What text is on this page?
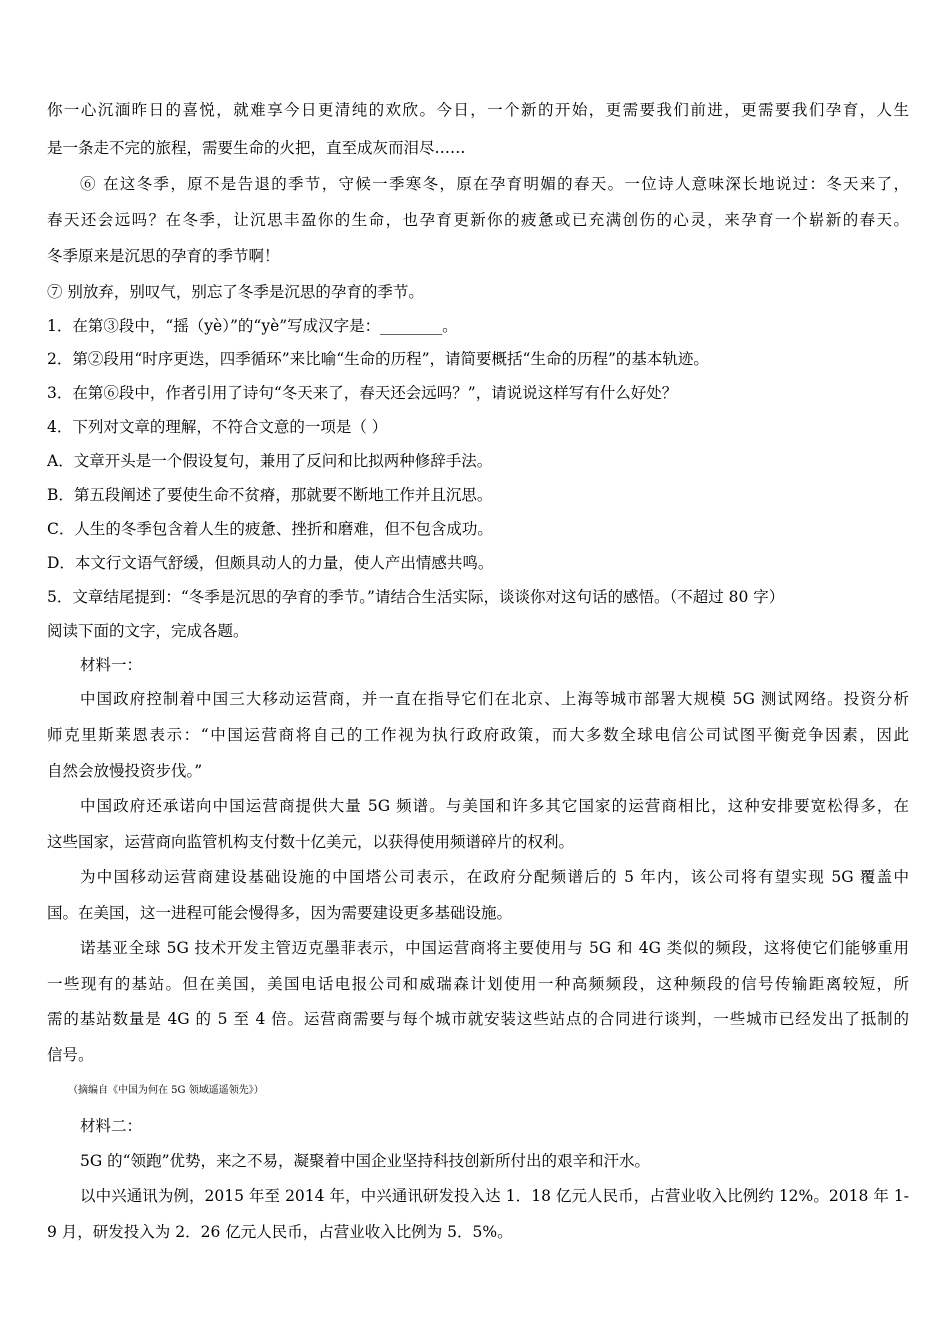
你一心沉湎昨日的喜悦，就难享今日更清纯的欢欣。今日，一个新的开始，更需要我们前进，更需要我们孕育，人生
是一条走不完的旅程，需要生命的火把，直至成灰而泪尽……
⑥ 在这冬季，原不是告退的季节，守候一季寒冬，原在孕育明媚的春天。一位诗人意味深长地说过：冬天来了，
春天还会远吗？在冬季，让沉思丰盈你的生命，也孕育更新你的疲惫或已充满创伤的心灵，来孕育一个崭新的春天。
冬季原来是沉思的孕育的季节啊！
⑦ 别放弃，别叹气，别忘了冬季是沉思的孕育的季节。
1．在第③段中，“摇（yè）”的“yè”写成汉字是：________。
2．第②段用“时序更迭，四季循环”来比喻“生命的历程”，请简要概括“生命的历程”的基本轨迹。
3．在第⑥段中，作者引用了诗句“冬天来了，春天还会远吗？”，请说说这样写有什么好处？
4．下列对文章的理解，不符合文意的一项是（ ）
A．文章开头是一个假设复句，兼用了反问和比拟两种修辞手法。
B．第五段阐述了要使生命不贫瘠，那就要不断地工作并且沉思。
C．人生的冬季包含着人生的疲惫、挫折和磨难，但不包含成功。
D．本文行文语气舒缓，但颇具动人的力量，使人产出情感共鸣。
5．文章结尾提到：“冬季是沉思的孕育的季节。”请结合生活实际，谈谈你对这句话的感悟。（不超过 80 字）
阅读下面的文字，完成各题。
材料一：
中国政府控制着中国三大移动运营商，并一直在指导它们在北京、上海等城市部署大规模 5G 测试网络。投资分析
师克里斯莱恩表示：“中国运营商将自己的工作视为执行政府政策，而大多数全球电信公司试图平衡竞争因素，因此
自然会放慢投资步伐。”
中国政府还承诺向中国运营商提供大量 5G 频谱。与美国和许多其它国家的运营商相比，这种安排要宽松得多，在
这些国家，运营商向监管机构支付数十亿美元，以获得使用频谱碎片的权利。
为中国移动运营商建设基础设施的中国塔公司表示，在政府分配频谱后的 5 年内，该公司将有望实现 5G 覆盖中
国。在美国，这一进程可能会慢得多，因为需要建设更多基础设施。
诺基亚全球 5G 技术开发主管迈克墨菲表示，中国运营商将主要使用与 5G 和 4G 类似的频段，这将使它们能够重用
一些现有的基站。但在美国，美国电话电报公司和威瑞森计划使用一种高频频段，这种频段的信号传输距离较短，所
需的基站数量是 4G 的 5 至 4 倍。运营商需要与每个城市就安装这些站点的合同进行谈判，一些城市已经发出了抵制的
信号。
（摘编自《中国为何在 5G 领域遥遥领先》）
材料二：
5G 的“领跑”优势，来之不易，凝聚着中国企业坚持科技创新所付出的艰辛和汗水。
以中兴通讯为例，2015 年至 2014 年，中兴通讯研发投入达 1．18 亿元人民币，占营业收入比例约 12%。2018 年 1-
9 月，研发投入为 2．26 亿元人民币，占营业收入比例为 5．5%。
